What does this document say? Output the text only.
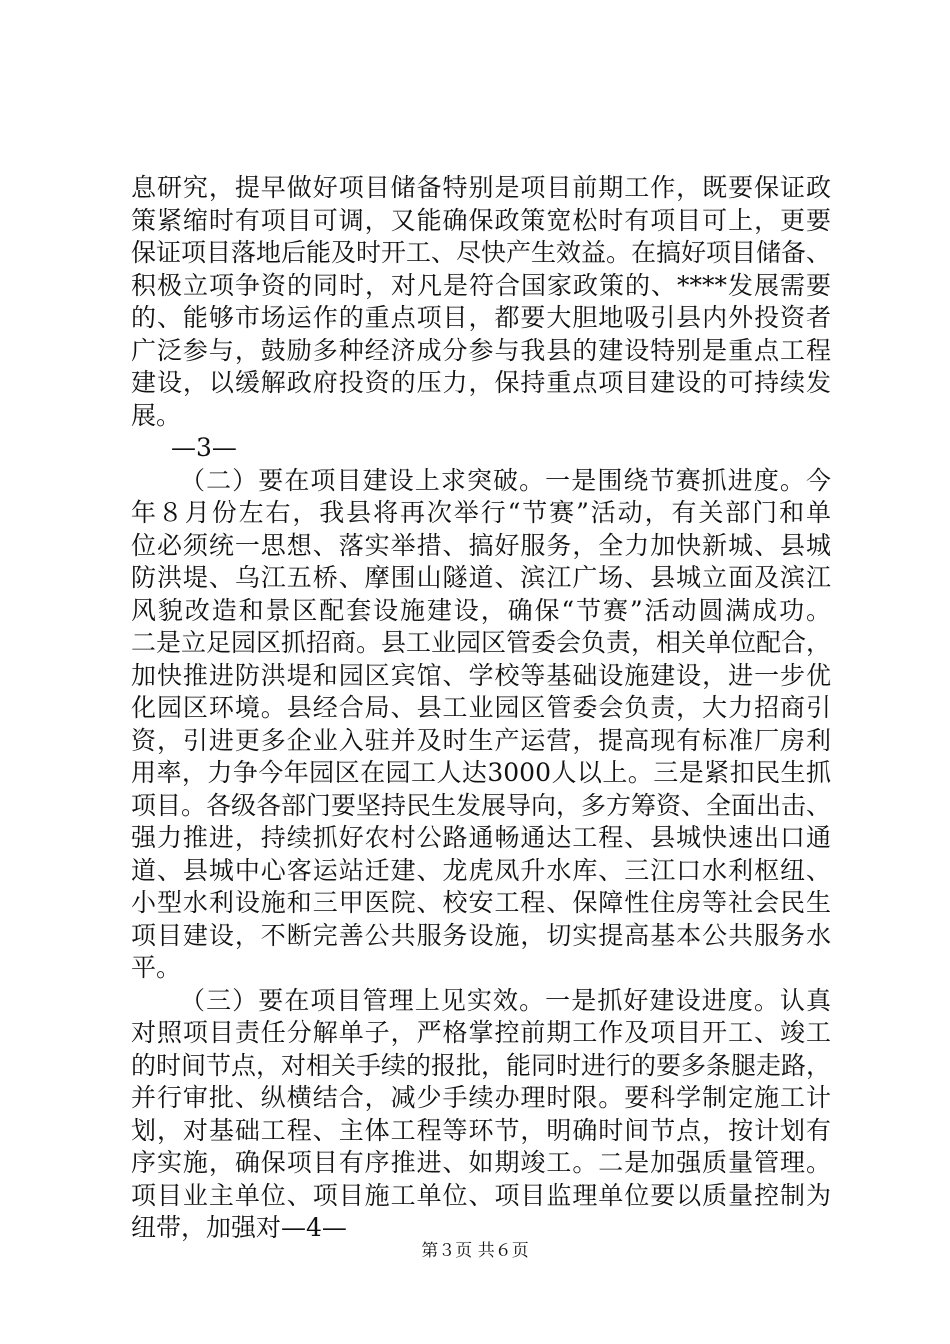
息研究，提早做好项目储备特别是项目前期工作，既要保证政
策紧缩时有项目可调，又能确保政策宽松时有项目可上，更要
保证项目落地后能及时开工、尽快产生效益。在搞好项目储备、
积极立项争资的同时，对凡是符合国家政策的、****发展需要
的、能够市场运作的重点项目，都要大胆地吸引县内外投资者
广泛参与，鼓励多种经济成分参与我县的建设特别是重点工程
建设，以缓解政府投资的压力，保持重点项目建设的可持续发
展。
—3—
（二）要在项目建设上求突破。一是围绕节赛抓进度。今
年８月份左右，我县将再次举行“节赛”活动，有关部门和单
位必须统一思想、落实举措、搞好服务，全力加快新城、县城
防洪堤、乌江五桥、摩围山隧道、滨江广场、县城立面及滨江
风貌改造和景区配套设施建设，确保“节赛”活动圆满成功。
二是立足园区抓招商。县工业园区管委会负责，相关单位配合，
加快推进防洪堤和园区宾馆、学校等基础设施建设，进一步优
化园区环境。县经合局、县工业园区管委会负责，大力招商引
资，引进更多企业入驻并及时生产运营，提高现有标准厂房利
用率，力争今年园区在园工人达3000人以上。三是紧扣民生抓
项目。各级各部门要坚持民生发展导向，多方筹资、全面出击、
强力推进，持续抓好农村公路通畅通达工程、县城快速出口通
道、县城中心客运站迁建、龙虎凤升水库、三江口水利枢纽、
小型水利设施和三甲医院、校安工程、保障性住房等社会民生
项目建设，不断完善公共服务设施，切实提高基本公共服务水
平。
（三）要在项目管理上见实效。一是抓好建设进度。认真
对照项目责任分解单子，严格掌控前期工作及项目开工、竣工
的时间节点，对相关手续的报批，能同时进行的要多条腿走路，
并行审批、纵横结合，减少手续办理时限。要科学制定施工计
划，对基础工程、主体工程等环节，明确时间节点，按计划有
序实施，确保项目有序推进、如期竣工。二是加强质量管理。
项目业主单位、项目施工单位、项目监理单位要以质量控制为
纽带，加强对—4—
第３页 共６页
